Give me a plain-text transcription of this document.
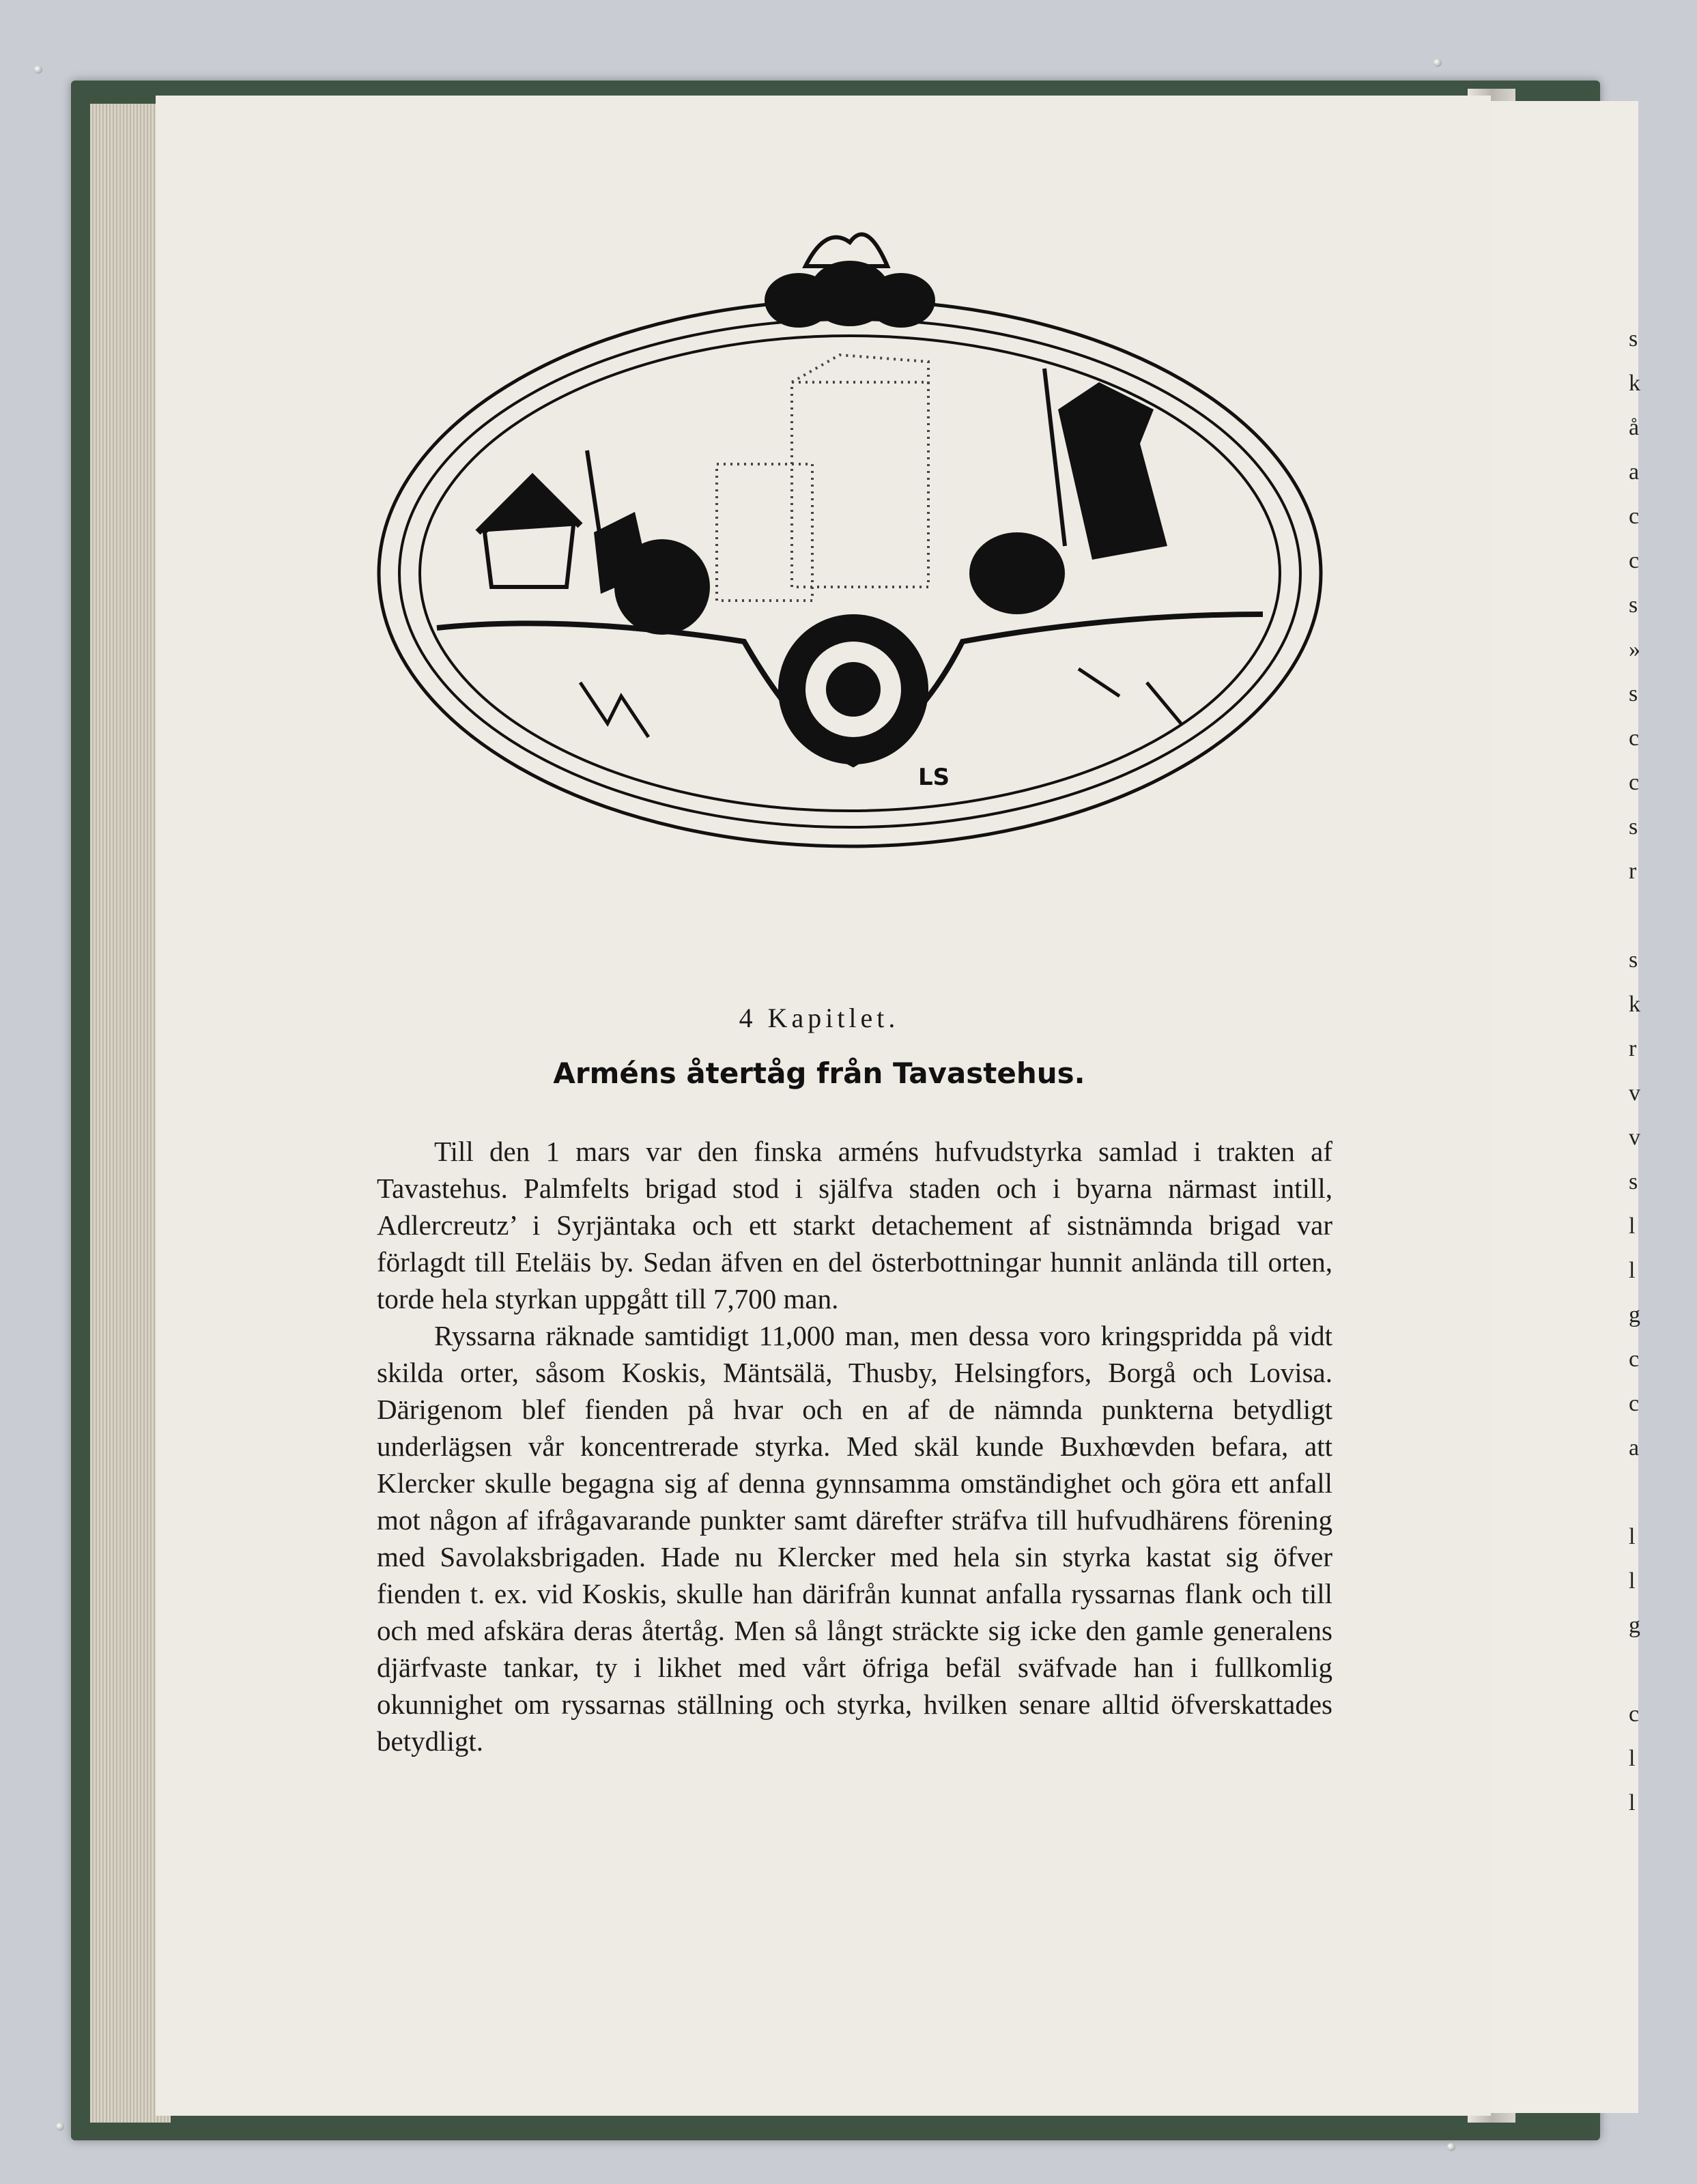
s
k
å
a
c
c
s
»
s
c
c
s
r
s
k
r
v
v
s
l
l
g
c
c
a
l
l
g
c
l
l
LS
4 Kapitlet.
Arméns återtåg från Tavastehus.

Till den 1 mars var den finska arméns hufvudstyrka samlad i trakten af Tavastehus. Palmfelts brigad stod i själfva staden och i byarna närmast intill, Adlercreutz’ i Syrjäntaka och ett starkt detachement af sistnämnda brigad var förlagdt till Eteläis by. Sedan äfven en del österbottningar hunnit anlända till orten, torde hela styrkan uppgått till 7,700 man.

Ryssarna räknade samtidigt 11,000 man, men dessa voro kringspridda på vidt skilda orter, såsom Koskis, Mäntsälä, Thusby, Helsingfors, Borgå och Lovisa. Därigenom blef fienden på hvar och en af de nämnda punkterna betydligt underlägsen vår koncentrerade styrka. Med skäl kunde Buxhœvden befara, att Klercker skulle begagna sig af denna gynnsamma omständighet och göra ett anfall mot någon af ifrågavarande punkter samt därefter sträfva till hufvudhärens förening med Savolaksbrigaden. Hade nu Klercker med hela sin styrka kastat sig öfver fienden t. ex. vid Koskis, skulle han därifrån kunnat anfalla ryssarnas flank och till och med afskära deras återtåg. Men så långt sträckte sig icke den gamle generalens djärfvaste tankar, ty i likhet med vårt öfriga befäl sväfvade han i fullkomlig okunnighet om ryssarnas ställning och styrka, hvilken senare alltid öfverskattades betydligt.
